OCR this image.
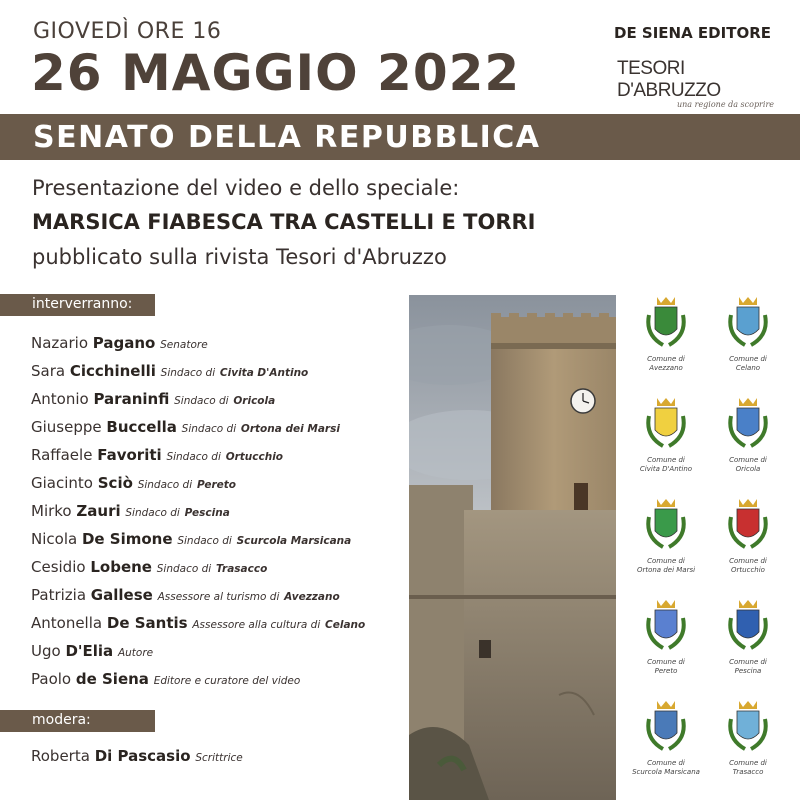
GIOVEDÌ ORE 16
26 MAGGIO 2022
DE SIENA EDITORE
TESORI D'ABRUZZO
una regione da scoprire
SENATO DELLA REPUBBLICA
Presentazione del video e dello speciale:
MARSICA FIABESCA TRA CASTELLI E TORRI
pubblicato sulla rivista Tesori d'Abruzzo
interverranno:
Nazario Pagano Senatore
Sara Cicchinelli Sindaco di Civita D'Antino
Antonio Paraninfi Sindaco di Oricola
Giuseppe Buccella Sindaco di Ortona dei Marsi
Raffaele Favoriti Sindaco di Ortucchio
Giacinto Sciò Sindaco di Pereto
Mirko Zauri Sindaco di Pescina
Nicola De Simone Sindaco di Scurcola Marsicana
Cesidio Lobene Sindaco di Trasacco
Patrizia Gallese Assessore al turismo di Avezzano
Antonella De Santis Assessore alla cultura di Celano
Ugo D'Elia Autore
Paolo de Siena Editore e curatore del video
modera:
Roberta Di Pascasio Scrittrice
Comune di
Avezzano
Comune di
Celano
Comune di
Civita D'Antino
Comune di
Oricola
Comune di
Ortona dei Marsi
Comune di
Ortucchio
Comune di
Pereto
Comune di
Pescina
Comune di
Scurcola Marsicana
Comune di
Trasacco
